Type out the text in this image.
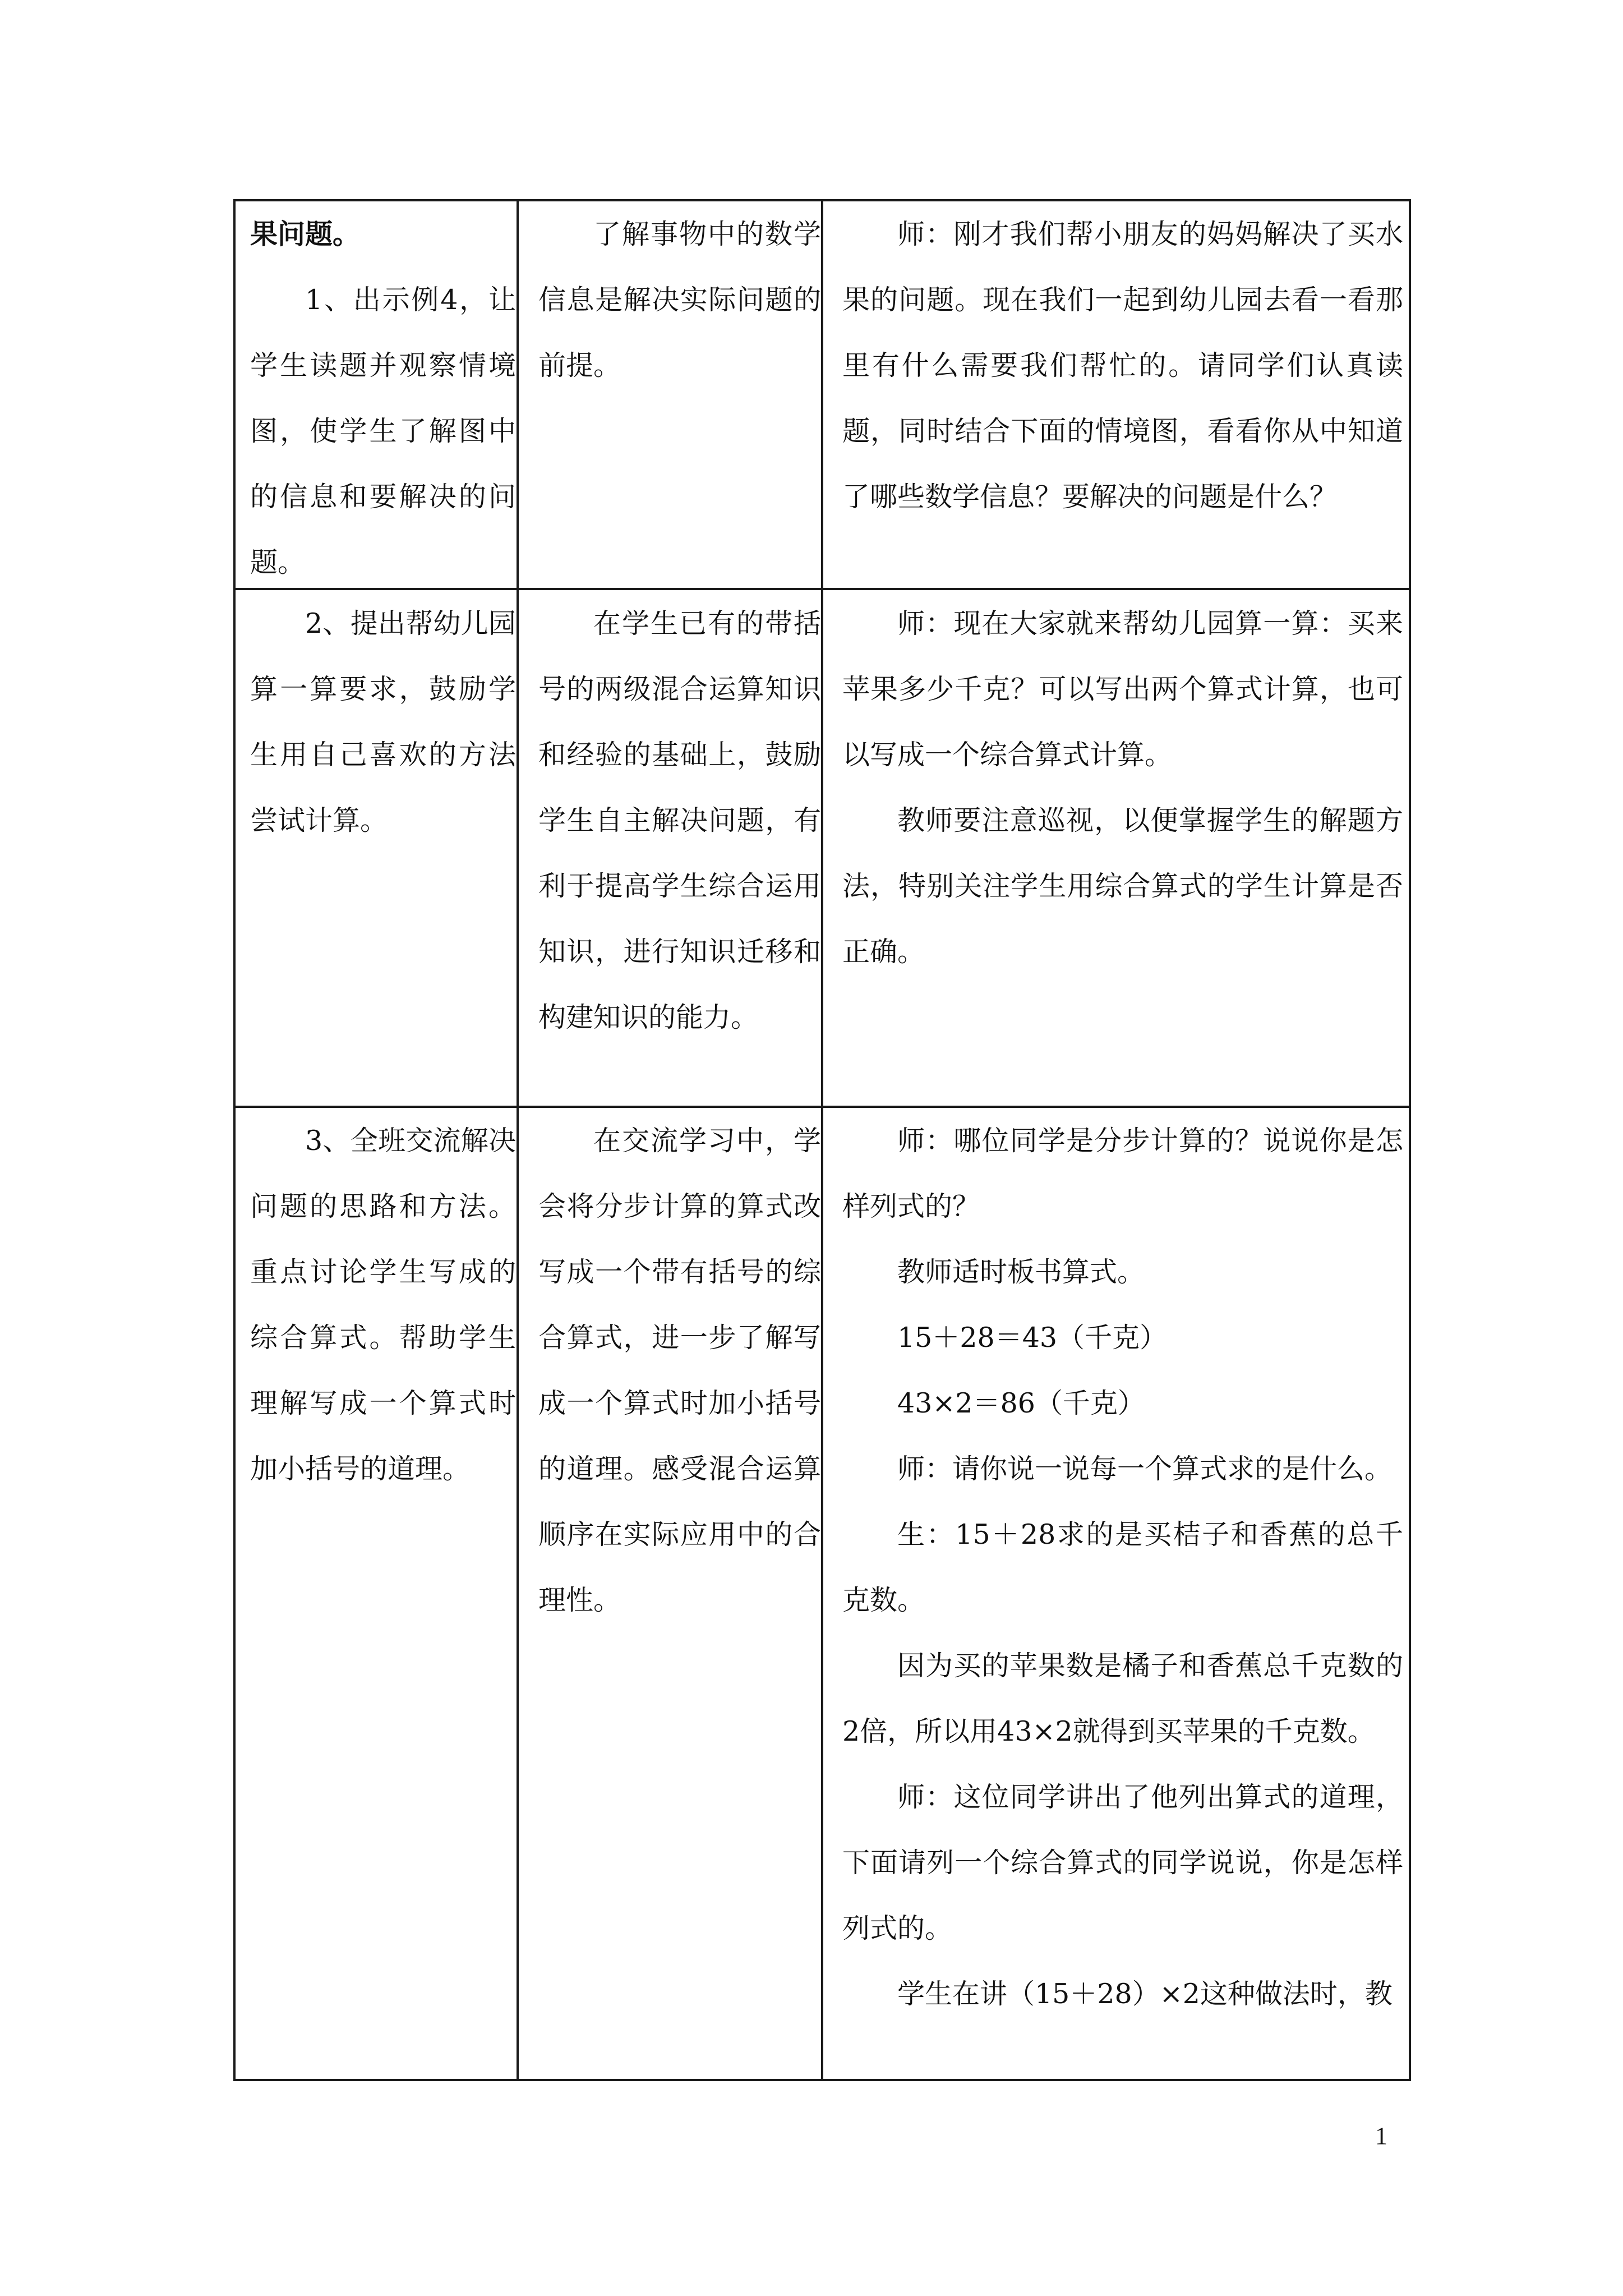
果问题。

1、出示例4，让学生读题并观察情境图，使学生了解图中的信息和要解决的问题。

了解事物中的数学信息是解决实际问题的前提。

师：刚才我们帮小朋友的妈妈解决了买水果的问题。现在我们一起到幼儿园去看一看那里有什么需要我们帮忙的。请同学们认真读题，同时结合下面的情境图，看看你从中知道了哪些数学信息？要解决的问题是什么？

2、提出帮幼儿园算一算要求，鼓励学生用自己喜欢的方法尝试计算。

在学生已有的带括号的两级混合运算知识和经验的基础上，鼓励学生自主解决问题，有利于提高学生综合运用知识，进行知识迁移和构建知识的能力。

师：现在大家就来帮幼儿园算一算：买来苹果多少千克？可以写出两个算式计算，也可以写成一个综合算式计算。

教师要注意巡视，以便掌握学生的解题方法，特别关注学生用综合算式的学生计算是否正确。

3、全班交流解决问题的思路和方法。重点讨论学生写成的综合算式。帮助学生理解写成一个算式时加小括号的道理。

在交流学习中，学会将分步计算的算式改写成一个带有括号的综合算式，进一步了解写成一个算式时加小括号的道理。感受混合运算顺序在实际应用中的合理性。

师：哪位同学是分步计算的？说说你是怎样列式的？

教师适时板书算式。

15＋28＝43（千克）

43×2＝86（千克）

师：请你说一说每一个算式求的是什么。

生：15＋28求的是买桔子和香蕉的总千克数。

因为买的苹果数是橘子和香蕉总千克数的2倍，所以用43×2就得到买苹果的千克数。

师：这位同学讲出了他列出算式的道理，下面请列一个综合算式的同学说说，你是怎样列式的。

学生在讲（15＋28）×2这种做法时，教

1
